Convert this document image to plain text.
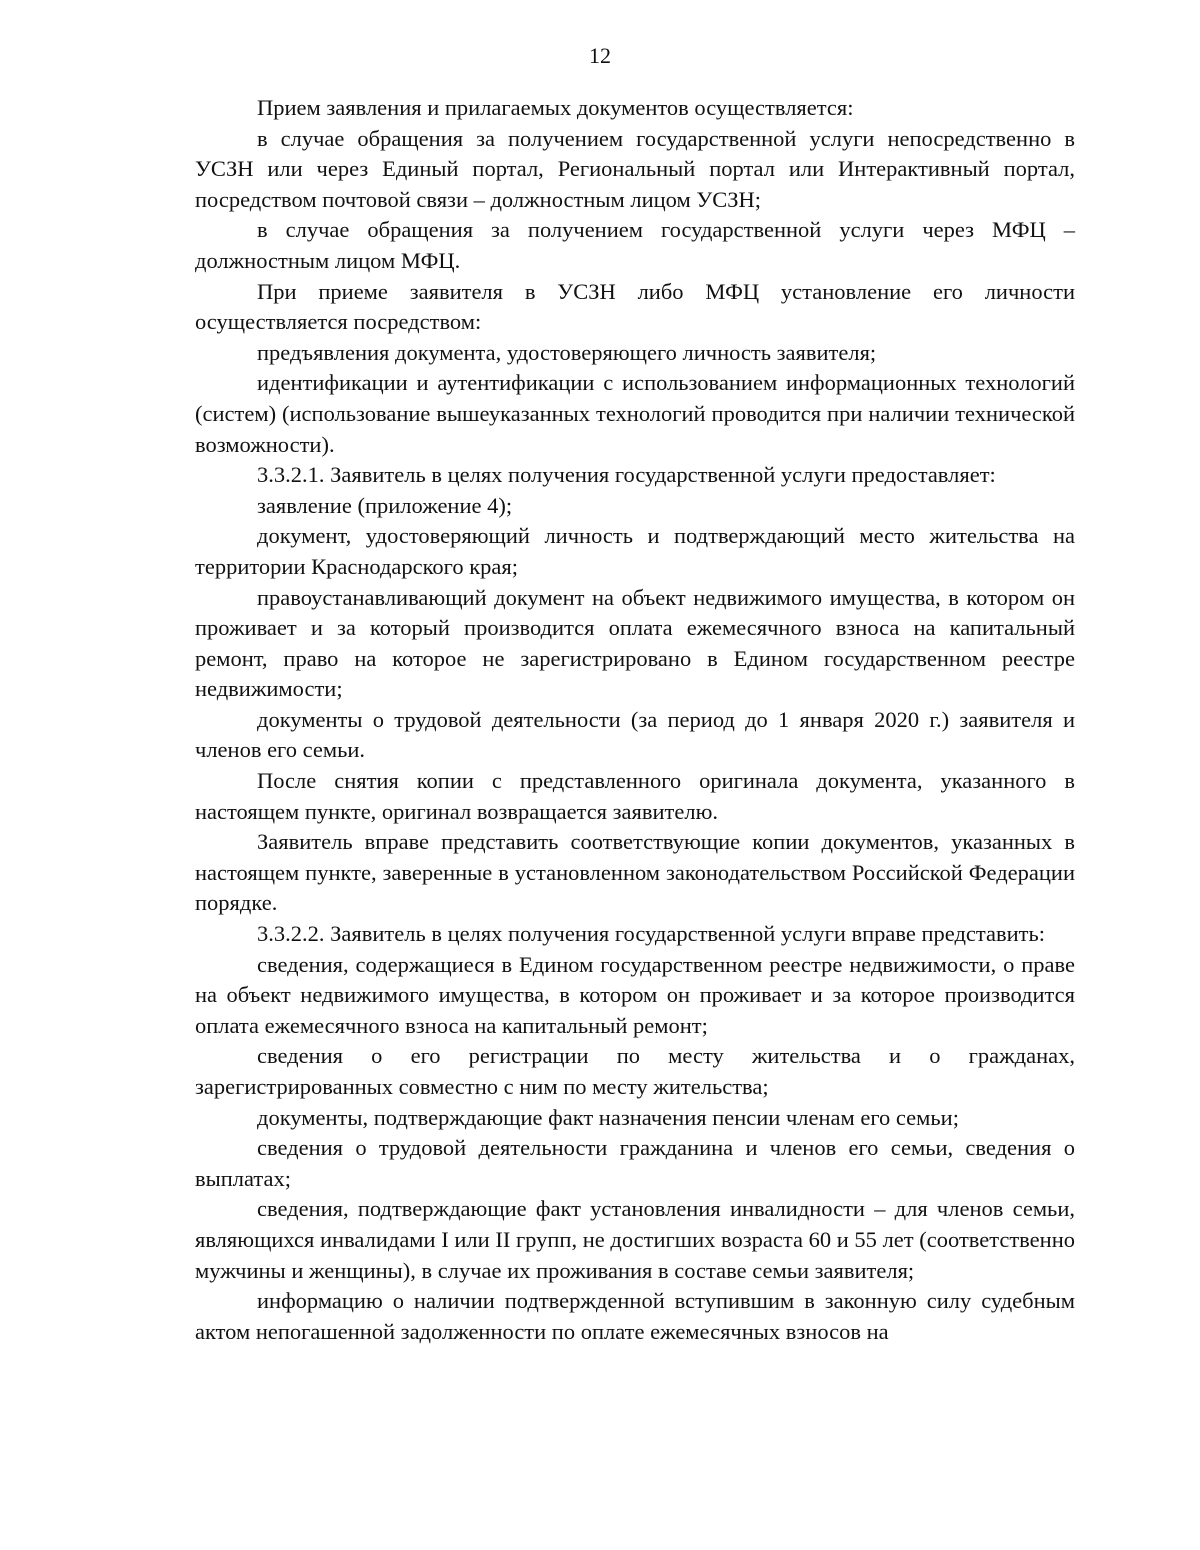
12

Прием заявления и прилагаемых документов осуществляется:

в случае обращения за получением государственной услуги непосредственно в УСЗН или через Единый портал, Региональный портал или Интерактивный портал, посредством почтовой связи – должностным лицом УСЗН;

в случае обращения за получением государственной услуги через МФЦ – должностным лицом МФЦ.

При приеме заявителя в УСЗН либо МФЦ установление его личности осуществляется посредством:

предъявления документа, удостоверяющего личность заявителя;

идентификации и аутентификации с использованием информационных технологий (систем) (использование вышеуказанных технологий проводится при наличии технической возможности).

3.3.2.1. Заявитель в целях получения государственной услуги предоставляет:

заявление (приложение 4);

документ, удостоверяющий личность и подтверждающий место жительства на территории Краснодарского края;

правоустанавливающий документ на объект недвижимого имущества, в котором он проживает и за который производится оплата ежемесячного взноса на капитальный ремонт, право на которое не зарегистрировано в Едином государственном реестре недвижимости;

документы о трудовой деятельности (за период до 1 января 2020 г.) заявителя и членов его семьи.

После снятия копии с представленного оригинала документа, указанного в настоящем пункте, оригинал возвращается заявителю.

Заявитель вправе представить соответствующие копии документов, указанных в настоящем пункте, заверенные в установленном законодательством Российской Федерации порядке.

3.3.2.2. Заявитель в целях получения государственной услуги вправе представить:

сведения, содержащиеся в Едином государственном реестре недвижимости, о праве на объект недвижимого имущества, в котором он проживает и за которое производится оплата ежемесячного взноса на капитальный ремонт;

сведения о его регистрации по месту жительства и о гражданах, зарегистрированных совместно с ним по месту жительства;

документы, подтверждающие факт назначения пенсии членам его семьи;

сведения о трудовой деятельности гражданина и членов его семьи, сведения о выплатах;

сведения, подтверждающие факт установления инвалидности – для членов семьи, являющихся инвалидами I или II групп, не достигших возраста 60 и 55 лет (соответственно мужчины и женщины), в случае их проживания в составе семьи заявителя;

информацию о наличии подтвержденной вступившим в законную силу судебным актом непогашенной задолженности по оплате ежемесячных взносов на
